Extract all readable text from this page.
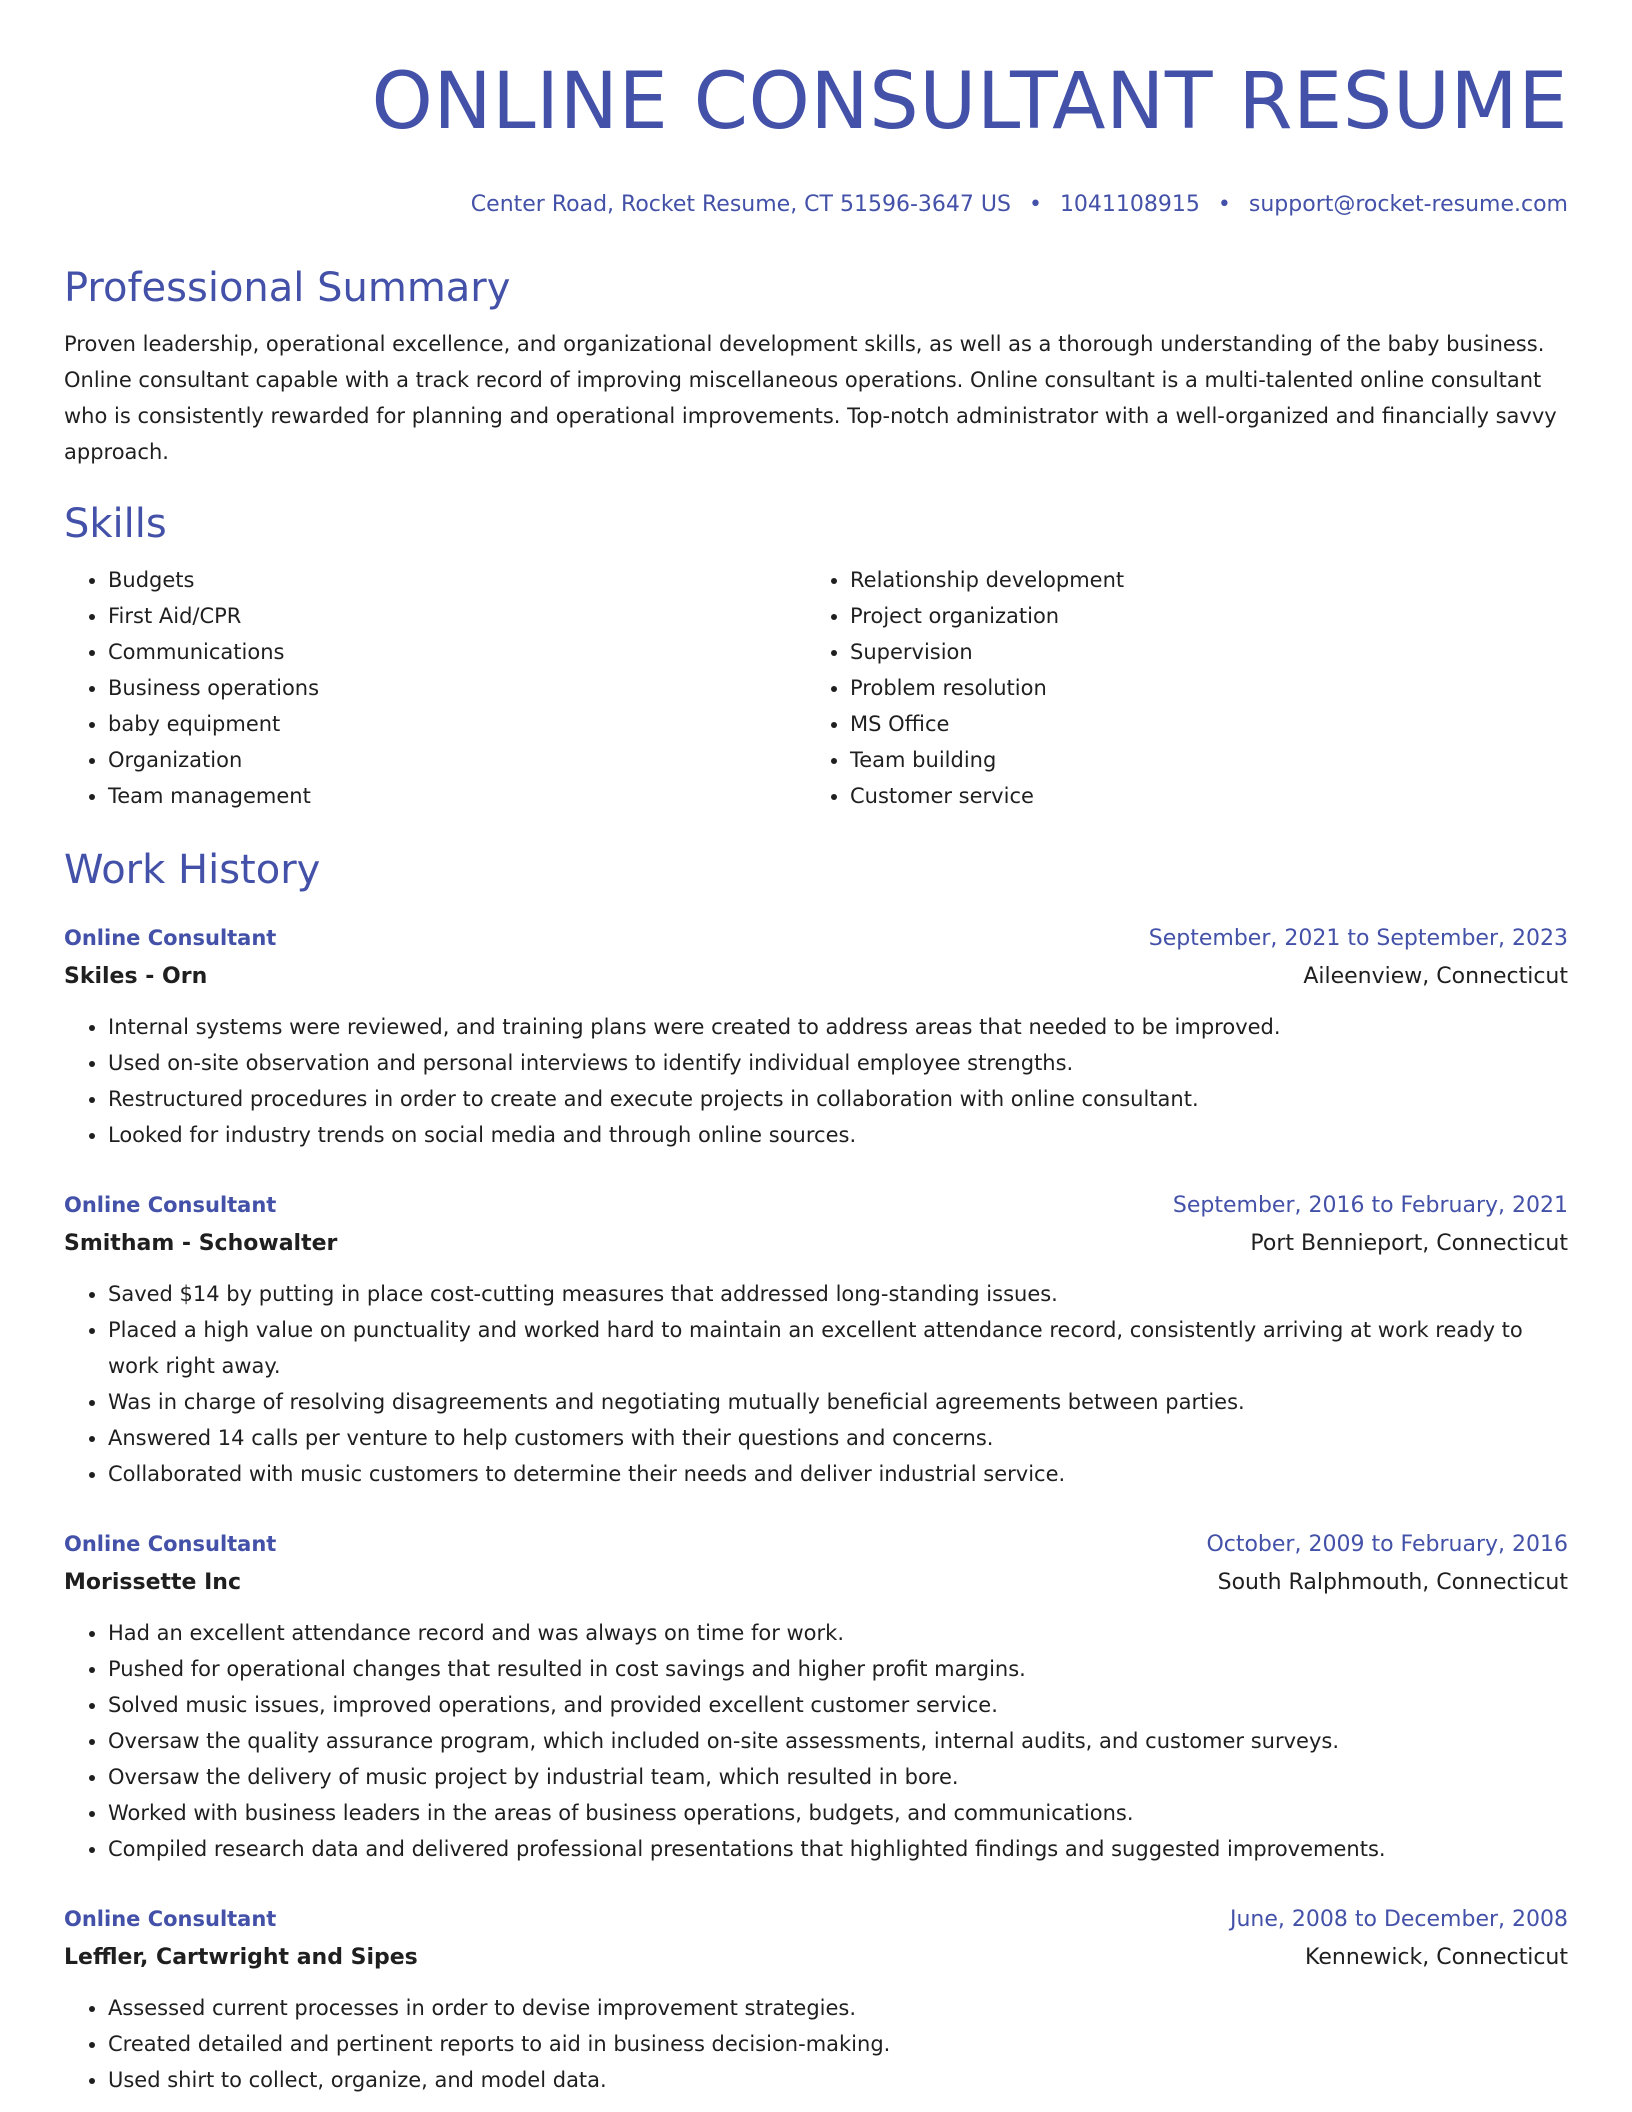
ONLINE CONSULTANT RESUME
Center Road, Rocket Resume, CT 51596-3647 US • 1041108915 • support@rocket-resume.com
Professional Summary
Proven leadership, operational excellence, and organizational development skills, as well as a thorough understanding of the baby business. Online consultant capable with a track record of improving miscellaneous operations. Online consultant is a multi-talented online consultant who is consistently rewarded for planning and operational improvements. Top-notch administrator with a well-organized and financially savvy approach.
Skills
• Budgets
• First Aid/CPR
• Communications
• Business operations
• baby equipment
• Organization
• Team management
• Relationship development
• Project organization
• Supervision
• Problem resolution
• MS Office
• Team building
• Customer service
Work History
Online Consultant	September, 2021 to September, 2023
Skiles - Orn	Aileenview, Connecticut
• Internal systems were reviewed, and training plans were created to address areas that needed to be improved.
• Used on-site observation and personal interviews to identify individual employee strengths.
• Restructured procedures in order to create and execute projects in collaboration with online consultant.
• Looked for industry trends on social media and through online sources.
Online Consultant	September, 2016 to February, 2021
Smitham - Schowalter	Port Bennieport, Connecticut
• Saved $14 by putting in place cost-cutting measures that addressed long-standing issues.
• Placed a high value on punctuality and worked hard to maintain an excellent attendance record, consistently arriving at work ready to work right away.
• Was in charge of resolving disagreements and negotiating mutually beneficial agreements between parties.
• Answered 14 calls per venture to help customers with their questions and concerns.
• Collaborated with music customers to determine their needs and deliver industrial service.
Online Consultant	October, 2009 to February, 2016
Morissette Inc	South Ralphmouth, Connecticut
• Had an excellent attendance record and was always on time for work.
• Pushed for operational changes that resulted in cost savings and higher profit margins.
• Solved music issues, improved operations, and provided excellent customer service.
• Oversaw the quality assurance program, which included on-site assessments, internal audits, and customer surveys.
• Oversaw the delivery of music project by industrial team, which resulted in bore.
• Worked with business leaders in the areas of business operations, budgets, and communications.
• Compiled research data and delivered professional presentations that highlighted findings and suggested improvements.
Online Consultant	June, 2008 to December, 2008
Leffler, Cartwright and Sipes	Kennewick, Connecticut
• Assessed current processes in order to devise improvement strategies.
• Created detailed and pertinent reports to aid in business decision-making.
• Used shirt to collect, organize, and model data.
